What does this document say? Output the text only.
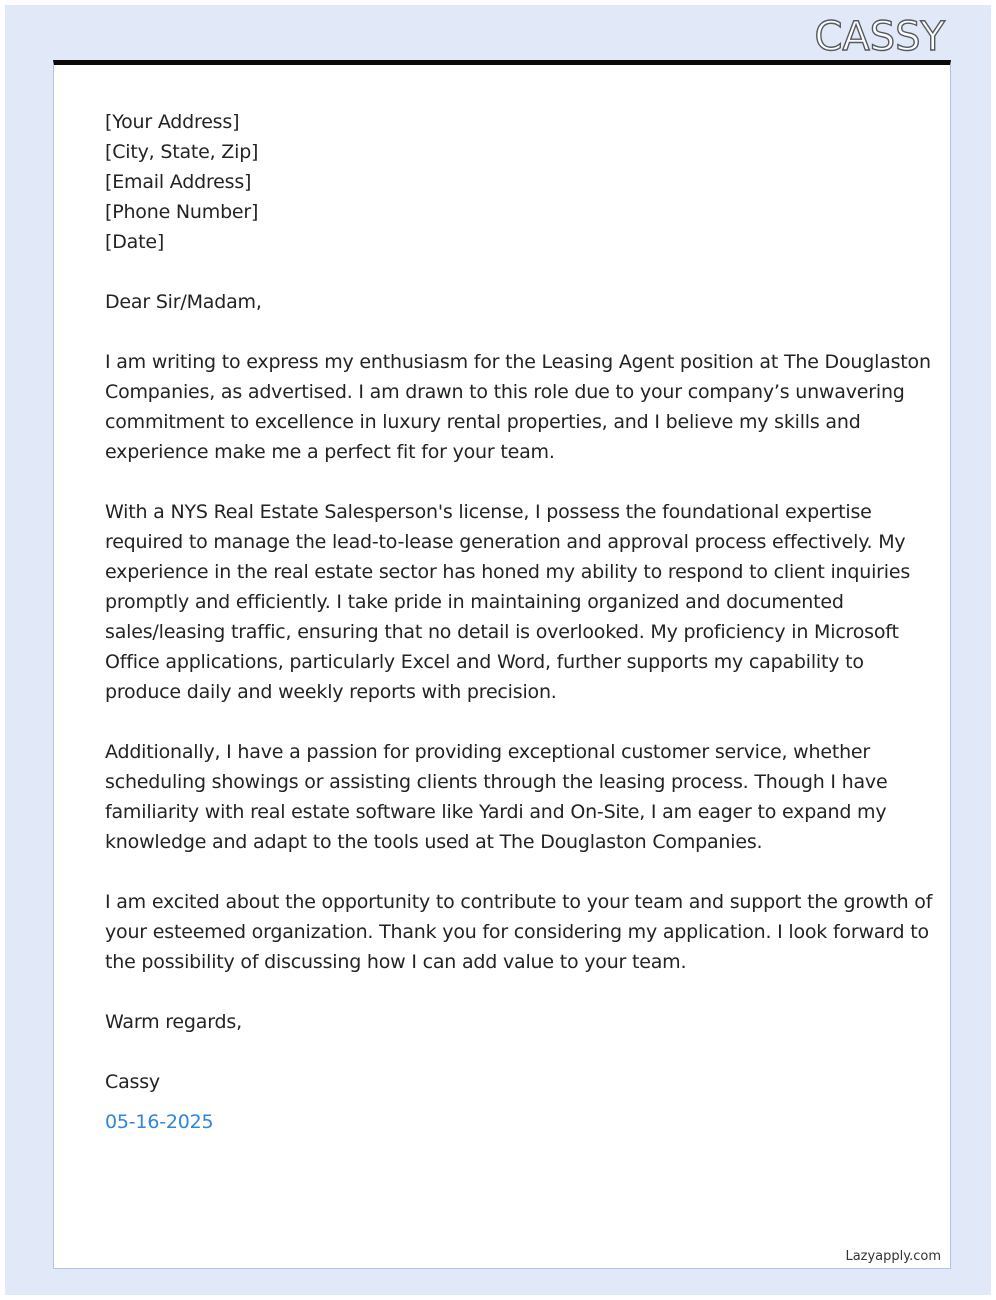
CASSY
[Your Address]
[City, State, Zip]
[Email Address]
[Phone Number]
[Date]
Dear Sir/Madam,
I am writing to express my enthusiasm for the Leasing Agent position at The Douglaston
Companies, as advertised. I am drawn to this role due to your company’s unwavering
commitment to excellence in luxury rental properties, and I believe my skills and
experience make me a perfect fit for your team.
With a NYS Real Estate Salesperson's license, I possess the foundational expertise
required to manage the lead-to-lease generation and approval process effectively. My
experience in the real estate sector has honed my ability to respond to client inquiries
promptly and efficiently. I take pride in maintaining organized and documented
sales/leasing traffic, ensuring that no detail is overlooked. My proficiency in Microsoft
Office applications, particularly Excel and Word, further supports my capability to
produce daily and weekly reports with precision.
Additionally, I have a passion for providing exceptional customer service, whether
scheduling showings or assisting clients through the leasing process. Though I have
familiarity with real estate software like Yardi and On-Site, I am eager to expand my
knowledge and adapt to the tools used at The Douglaston Companies.
I am excited about the opportunity to contribute to your team and support the growth of
your esteemed organization. Thank you for considering my application. I look forward to
the possibility of discussing how I can add value to your team.
Warm regards,
Cassy
05-16-2025
Lazyapply.com
